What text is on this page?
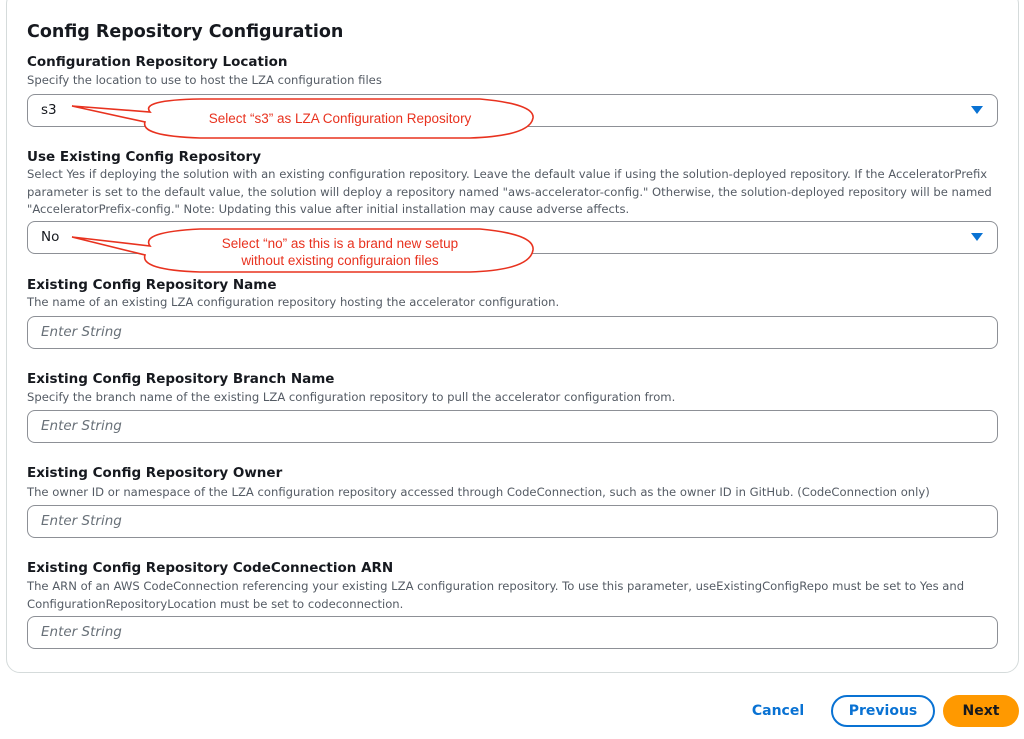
Config Repository Configuration
Configuration Repository Location
Specify the location to use to host the LZA configuration files
s3
Use Existing Config Repository
Select Yes if deploying the solution with an existing configuration repository. Leave the default value if using the solution-deployed repository. If the AcceleratorPrefix parameter is set to the default value, the solution will deploy a repository named "aws-accelerator-config." Otherwise, the solution-deployed repository will be named "AcceleratorPrefix-config." Note: Updating this value after initial installation may cause adverse affects.
No
Existing Config Repository Name
The name of an existing LZA configuration repository hosting the accelerator configuration.
Enter String
Existing Config Repository Branch Name
Specify the branch name of the existing LZA configuration repository to pull the accelerator configuration from.
Enter String
Existing Config Repository Owner
The owner ID or namespace of the LZA configuration repository accessed through CodeConnection, such as the owner ID in GitHub. (CodeConnection only)
Enter String
Existing Config Repository CodeConnection ARN
The ARN of an AWS CodeConnection referencing your existing LZA configuration repository. To use this parameter, useExistingConfigRepo must be set to Yes and ConfigurationRepositoryLocation must be set to codeconnection.
Enter String
Select “s3” as LZA Configuration Repository
Select “no” as this is a brand new setup
without existing configuraion files
Cancel	Previous	Next
